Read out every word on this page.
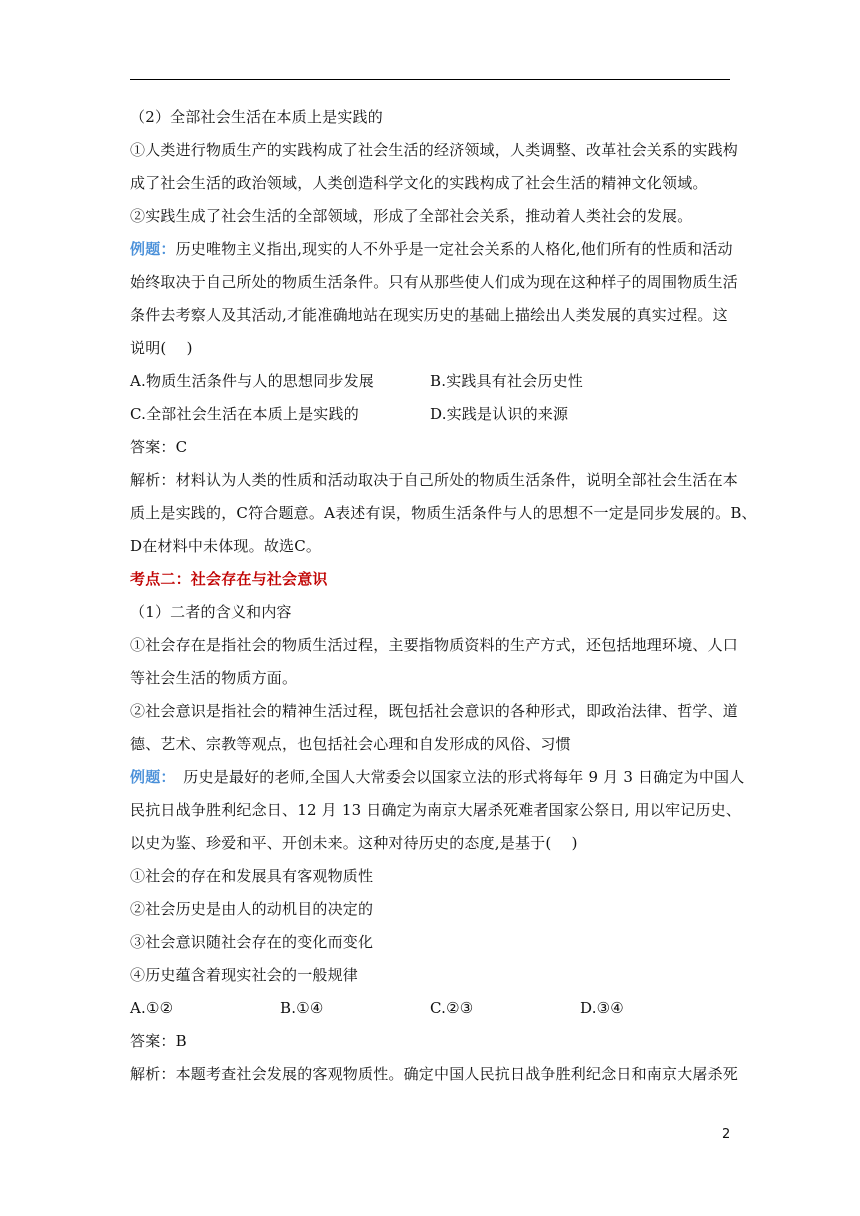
（2）全部社会生活在本质上是实践的
①人类进行物质生产的实践构成了社会生活的经济领域，人类调整、改革社会关系的实践构
成了社会生活的政治领域，人类创造科学文化的实践构成了社会生活的精神文化领域。
②实践生成了社会生活的全部领域，形成了全部社会关系，推动着人类社会的发展。
例题：历史唯物主义指出,现实的人不外乎是一定社会关系的人格化,他们所有的性质和活动
始终取决于自己所处的物质生活条件。只有从那些使人们成为现在这种样子的周围物质生活
条件去考察人及其活动,才能准确地站在现实历史的基础上描绘出人类发展的真实过程。这
说明(　 )
A.物质生活条件与人的思想同步发展	B.实践具有社会历史性
C.全部社会生活在本质上是实践的	D.实践是认识的来源
答案：C
解析：材料认为人类的性质和活动取决于自己所处的物质生活条件，说明全部社会生活在本
质上是实践的，C符合题意。A表述有误，物质生活条件与人的思想不一定是同步发展的。B、
D在材料中未体现。故选C。
考点二：社会存在与社会意识
（1）二者的含义和内容
①社会存在是指社会的物质生活过程，主要指物质资料的生产方式，还包括地理环境、人口
等社会生活的物质方面。
②社会意识是指社会的精神生活过程，既包括社会意识的各种形式，即政治法律、哲学、道
德、艺术、宗教等观点，也包括社会心理和自发形成的风俗、习惯
例题：　历史是最好的老师,全国人大常委会以国家立法的形式将每年 9 月 3 日确定为中国人
民抗日战争胜利纪念日、12 月 13 日确定为南京大屠杀死难者国家公祭日, 用以牢记历史、
以史为鉴、珍爱和平、开创未来。这种对待历史的态度,是基于(　 )
①社会的存在和发展具有客观物质性
②社会历史是由人的动机目的决定的
③社会意识随社会存在的变化而变化
④历史蕴含着现实社会的一般规律
A.①②	B.①④	C.②③	D.③④
答案：B
解析：本题考查社会发展的客观物质性。确定中国人民抗日战争胜利纪念日和南京大屠杀死
2
